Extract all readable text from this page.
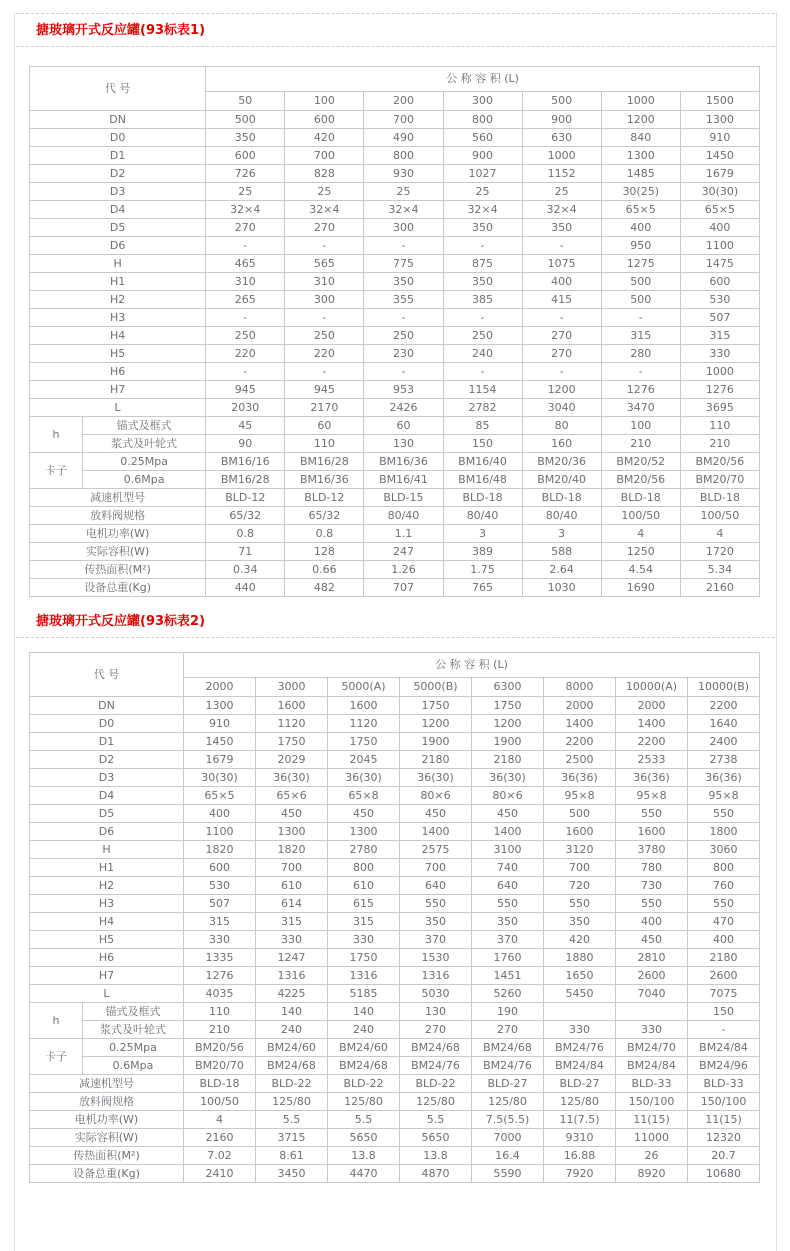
搪玻璃开式反应罐(93标表1)
代 号		公 称 容 积 (L)						
		50	100	200	300	500	1000	1500
DN		500	600	700	800	900	1200	1300
D0		350	420	490	560	630	840	910
D1		600	700	800	900	1000	1300	1450
D2		726	828	930	1027	1152	1485	1679
D3		25	25	25	25	25	30(25)	30(30)
D4		32×4	32×4	32×4	32×4	32×4	65×5	65×5
D5		270	270	300	350	350	400	400
D6		-	-	-	-	-	950	1100
H		465	565	775	875	1075	1275	1475
H1		310	310	350	350	400	500	600
H2		265	300	355	385	415	500	530
H3		-	-	-	-	-	-	507
H4		250	250	250	250	270	315	315
H5		220	220	230	240	270	280	330
H6		-	-	-	-	-	-	1000
H7		945	945	953	1154	1200	1276	1276
L		2030	2170	2426	2782	3040	3470	3695
h	锚式及框式	45	60	60	85	80	100	110
	浆式及叶轮式	90	110	130	150	160	210	210
卡子	0.25Mpa	BM16/16	BM16/28	BM16/36	BM16/40	BM20/36	BM20/52	BM20/56
	0.6Mpa	BM16/28	BM16/36	BM16/41	BM16/48	BM20/40	BM20/56	BM20/70
减速机型号		BLD-12	BLD-12	BLD-15	BLD-18	BLD-18	BLD-18	BLD-18
放料阀规格		65/32	65/32	80/40	80/40	80/40	100/50	100/50
电机功率(W)		0.8	0.8	1.1	3	3	4	4
实际容积(W)		71	128	247	389	588	1250	1720
传热面积(M²)		0.34	0.66	1.26	1.75	2.64	4.54	5.34
设备总重(Kg)		440	482	707	765	1030	1690	2160
搪玻璃开式反应罐(93标表2)
代 号		公 称 容 积 (L)							
		2000	3000	5000(A)	5000(B)	6300	8000	10000(A)	10000(B)
DN		1300	1600	1600	1750	1750	2000	2000	2200
D0		910	1120	1120	1200	1200	1400	1400	1640
D1		1450	1750	1750	1900	1900	2200	2200	2400
D2		1679	2029	2045	2180	2180	2500	2533	2738
D3		30(30)	36(30)	36(30)	36(30)	36(30)	36(36)	36(36)	36(36)
D4		65×5	65×6	65×8	80×6	80×6	95×8	95×8	95×8
D5		400	450	450	450	450	500	550	550
D6		1100	1300	1300	1400	1400	1600	1600	1800
H		1820	1820	2780	2575	3100	3120	3780	3060
H1		600	700	800	700	740	700	780	800
H2		530	610	610	640	640	720	730	760
H3		507	614	615	550	550	550	550	550
H4		315	315	315	350	350	350	400	470
H5		330	330	330	370	370	420	450	400
H6		1335	1247	1750	1530	1760	1880	2810	2180
H7		1276	1316	1316	1316	1451	1650	2600	2600
L		4035	4225	5185	5030	5260	5450	7040	7075
h	锚式及框式	110	140	140	130	190			150
	浆式及叶轮式	210	240	240	270	270	330	330	-
卡子	0.25Mpa	BM20/56	BM24/60	BM24/60	BM24/68	BM24/68	BM24/76	BM24/70	BM24/84
	0.6Mpa	BM20/70	BM24/68	BM24/68	BM24/76	BM24/76	BM24/84	BM24/84	BM24/96
减速机型号		BLD-18	BLD-22	BLD-22	BLD-22	BLD-27	BLD-27	BLD-33	BLD-33
放料阀规格		100/50	125/80	125/80	125/80	125/80	125/80	150/100	150/100
电机功率(W)		4	5.5	5.5	5.5	7.5(5.5)	11(7.5)	11(15)	11(15)
实际容积(W)		2160	3715	5650	5650	7000	9310	11000	12320
传热面积(M²)		7.02	8.61	13.8	13.8	16.4	16.88	26	20.7
设备总重(Kg)		2410	3450	4470	4870	5590	7920	8920	10680
